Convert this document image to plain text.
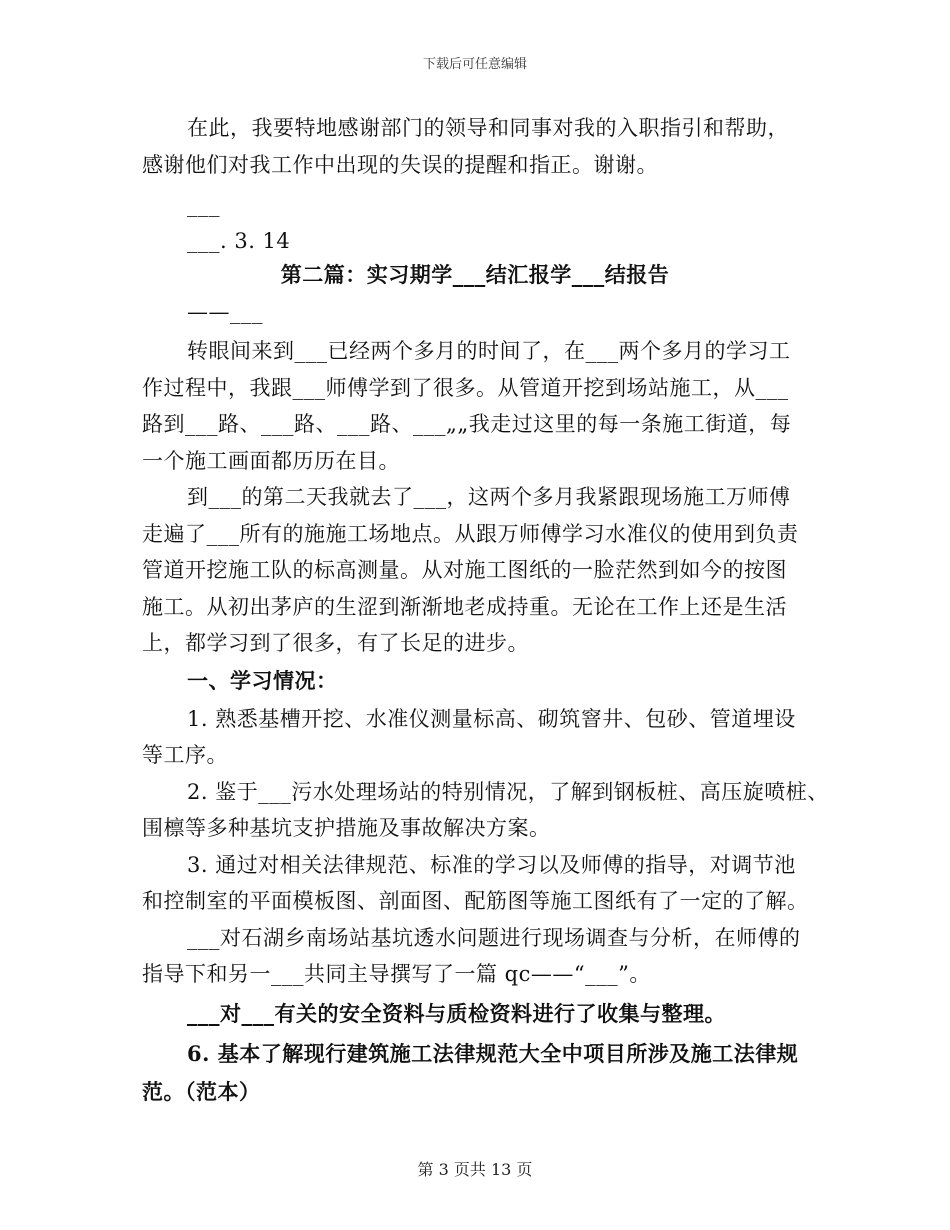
下载后可任意编辑
在此，我要特地感谢部门的领导和同事对我的入职指引和帮助，
感谢他们对我工作中出现的失误的提醒和指正。谢谢。
___
___. 3. 14
第二篇：实习期学___结汇报学___结报告
——___
转眼间来到___已经两个多月的时间了，在___两个多月的学习工
作过程中，我跟___师傅学到了很多。从管道开挖到场站施工，从___
路到___路、___路、___路、___„„我走过这里的每一条施工街道，每
一个施工画面都历历在目。
到___的第二天我就去了___，这两个多月我紧跟现场施工万师傅
走遍了___所有的施施工场地点。从跟万师傅学习水准仪的使用到负责
管道开挖施工队的标高测量。从对施工图纸的一脸茫然到如今的按图
施工。从初出茅庐的生涩到渐渐地老成持重。无论在工作上还是生活
上，都学习到了很多，有了长足的进步。
一、学习情况：
1. 熟悉基槽开挖、水准仪测量标高、砌筑窨井、包砂、管道埋设
等工序。
2. 鉴于___污水处理场站的特别情况，了解到钢板桩、高压旋喷桩、
围檩等多种基坑支护措施及事故解决方案。
3. 通过对相关法律规范、标准的学习以及师傅的指导，对调节池
和控制室的平面模板图、剖面图、配筋图等施工图纸有了一定的了解。
___对石湖乡南场站基坑透水问题进行现场调查与分析，在师傅的
指导下和另一___共同主导撰写了一篇 qc——“___”。
___对___有关的安全资料与质检资料进行了收集与整理。
6. 基本了解现行建筑施工法律规范大全中项目所涉及施工法律规
范。（范本）
第 3 页共 13 页
